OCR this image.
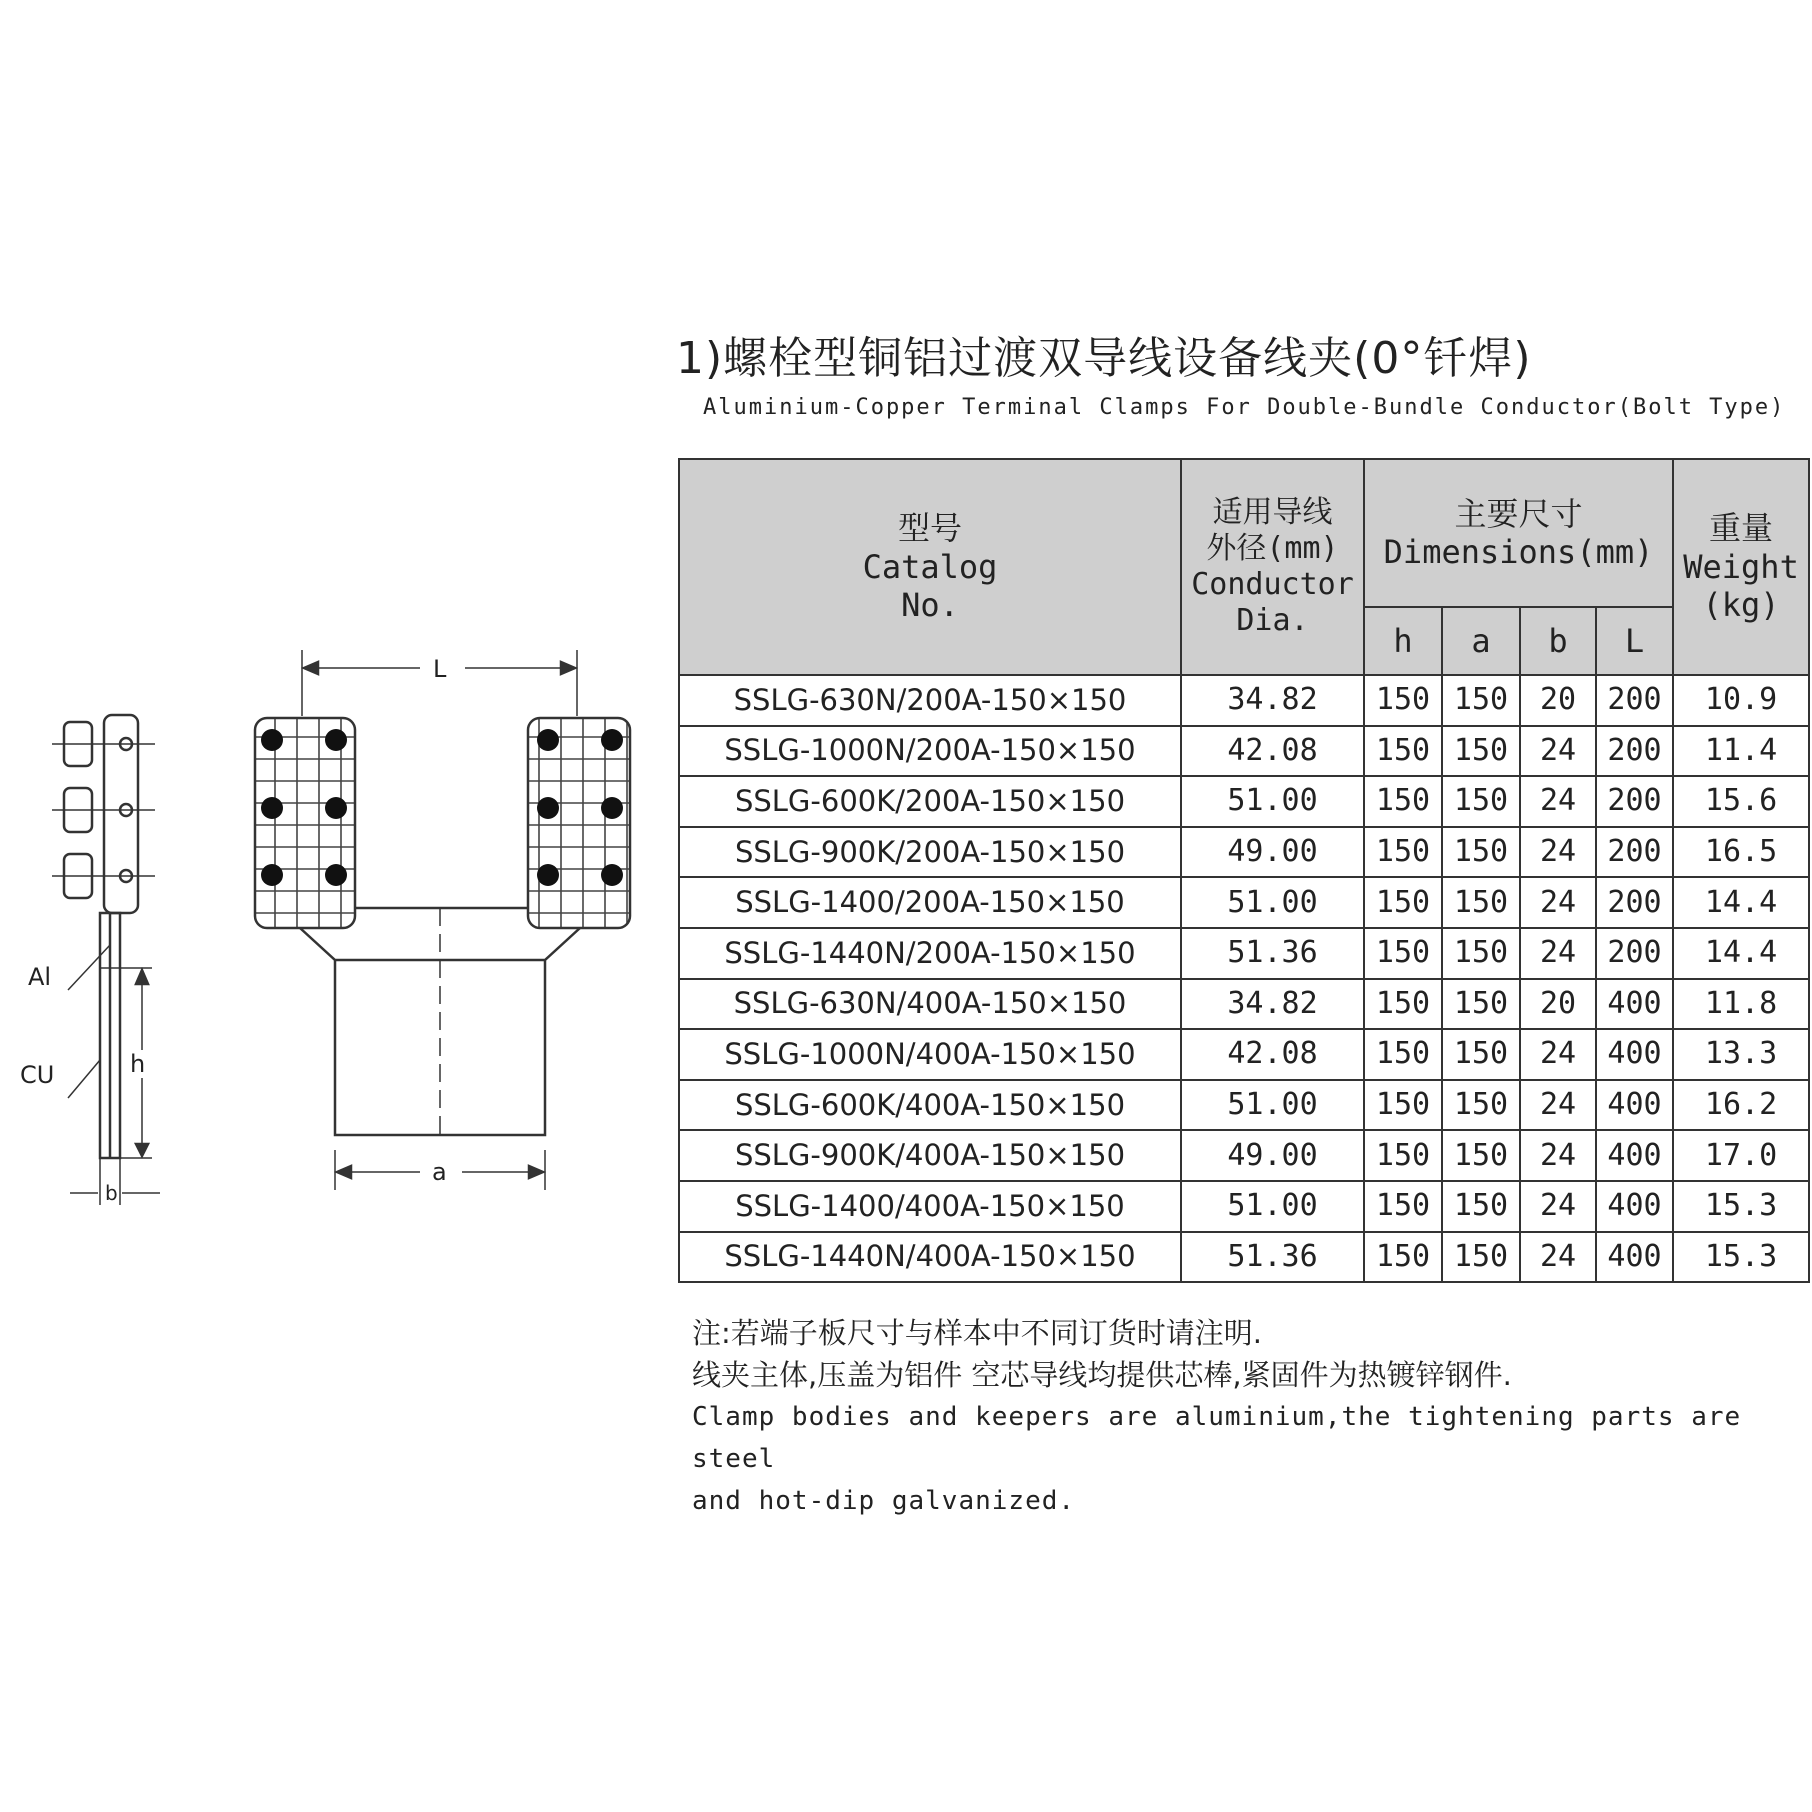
1)螺栓型铜铝过渡双导线设备线夹(0°钎焊)
Aluminium-Copper Terminal Clamps For Double-Bundle Conductor(Bolt Type)
L
a
h
b
Al
CU
型号
Catalog
No.	适用导线
外径(mm)
Conductor
Dia.	主要尺寸
Dimensions(mm)				重量
Weight
(kg)

		h	a	b	L	
SSLG-630N/200A-150×150	34.82	150	150	20	200	10.9
SSLG-1000N/200A-150×150	42.08	150	150	24	200	11.4
SSLG-600K/200A-150×150	51.00	150	150	24	200	15.6
SSLG-900K/200A-150×150	49.00	150	150	24	200	16.5
SSLG-1400/200A-150×150	51.00	150	150	24	200	14.4
SSLG-1440N/200A-150×150	51.36	150	150	24	200	14.4
SSLG-630N/400A-150×150	34.82	150	150	20	400	11.8
SSLG-1000N/400A-150×150	42.08	150	150	24	400	13.3
SSLG-600K/400A-150×150	51.00	150	150	24	400	16.2
SSLG-900K/400A-150×150	49.00	150	150	24	400	17.0
SSLG-1400/400A-150×150	51.00	150	150	24	400	15.3
SSLG-1440N/400A-150×150	51.36	150	150	24	400	15.3
注:若端子板尺寸与样本中不同订货时请注明.
线夹主体,压盖为铝件 空芯导线均提供芯棒,紧固件为热镀锌钢件.
Clamp bodies and keepers are aluminium,the tightening parts are steel
and hot-dip galvanized.
